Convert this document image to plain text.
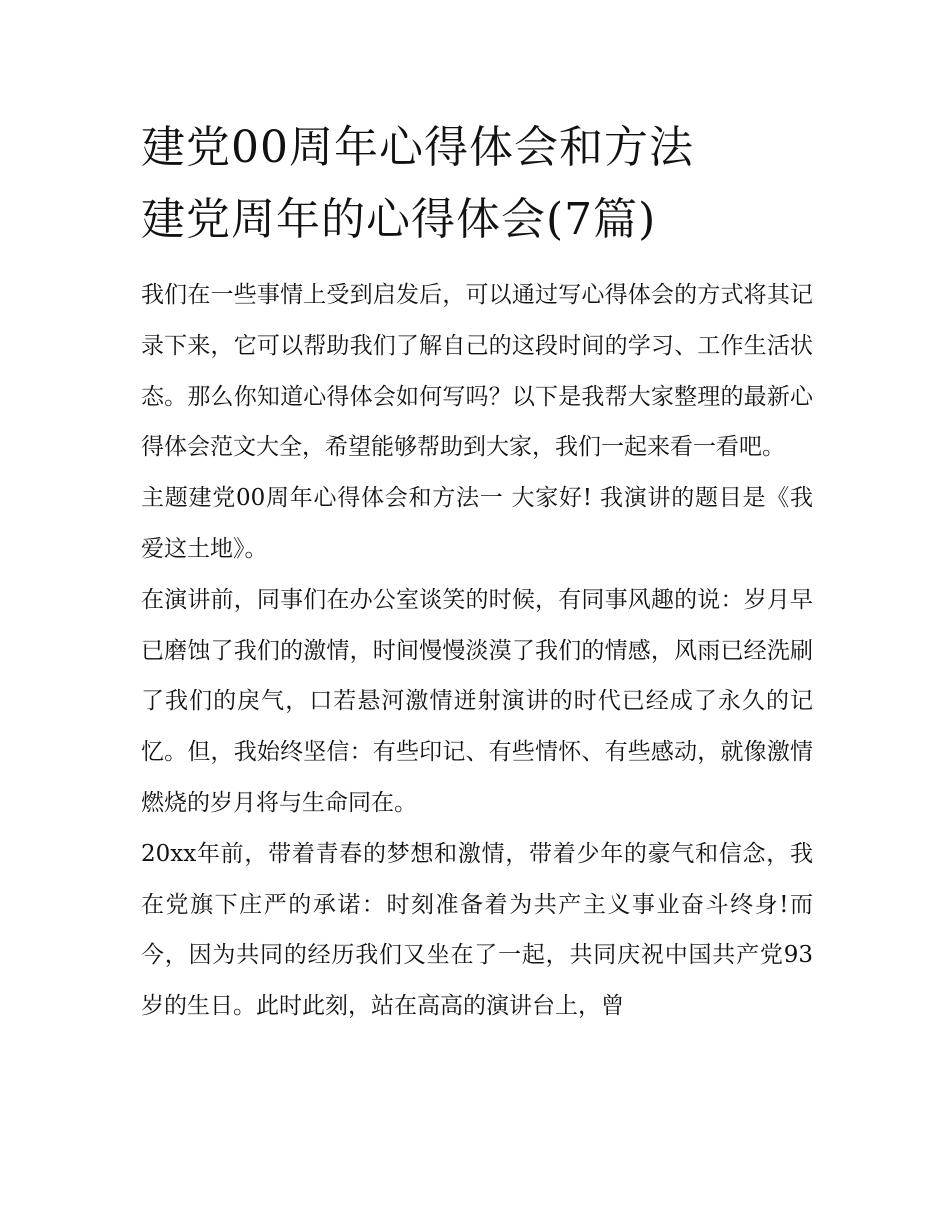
建党00周年心得体会和方法
建党周年的心得体会(7篇)

我们在一些事情上受到启发后，可以通过写心得体会的方式将其记录下来，它可以帮助我们了解自己的这段时间的学习、工作生活状态。那么你知道心得体会如何写吗？以下是我帮大家整理的最新心得体会范文大全，希望能够帮助到大家，我们一起来看一看吧。

主题建党00周年心得体会和方法一 大家好! 我演讲的题目是《我爱这土地》。

在演讲前，同事们在办公室谈笑的时候，有同事风趣的说：岁月早已磨蚀了我们的激情，时间慢慢淡漠了我们的情感，风雨已经洗刷了我们的戾气，口若悬河激情迸射演讲的时代已经成了永久的记忆。但，我始终坚信：有些印记、有些情怀、有些感动，就像激情燃烧的岁月将与生命同在。

20xx年前，带着青春的梦想和激情，带着少年的豪气和信念，我在党旗下庄严的承诺：时刻准备着为共产主义事业奋斗终身!而今，因为共同的经历我们又坐在了一起，共同庆祝中国共产党93岁的生日。此时此刻，站在高高的演讲台上，曾
